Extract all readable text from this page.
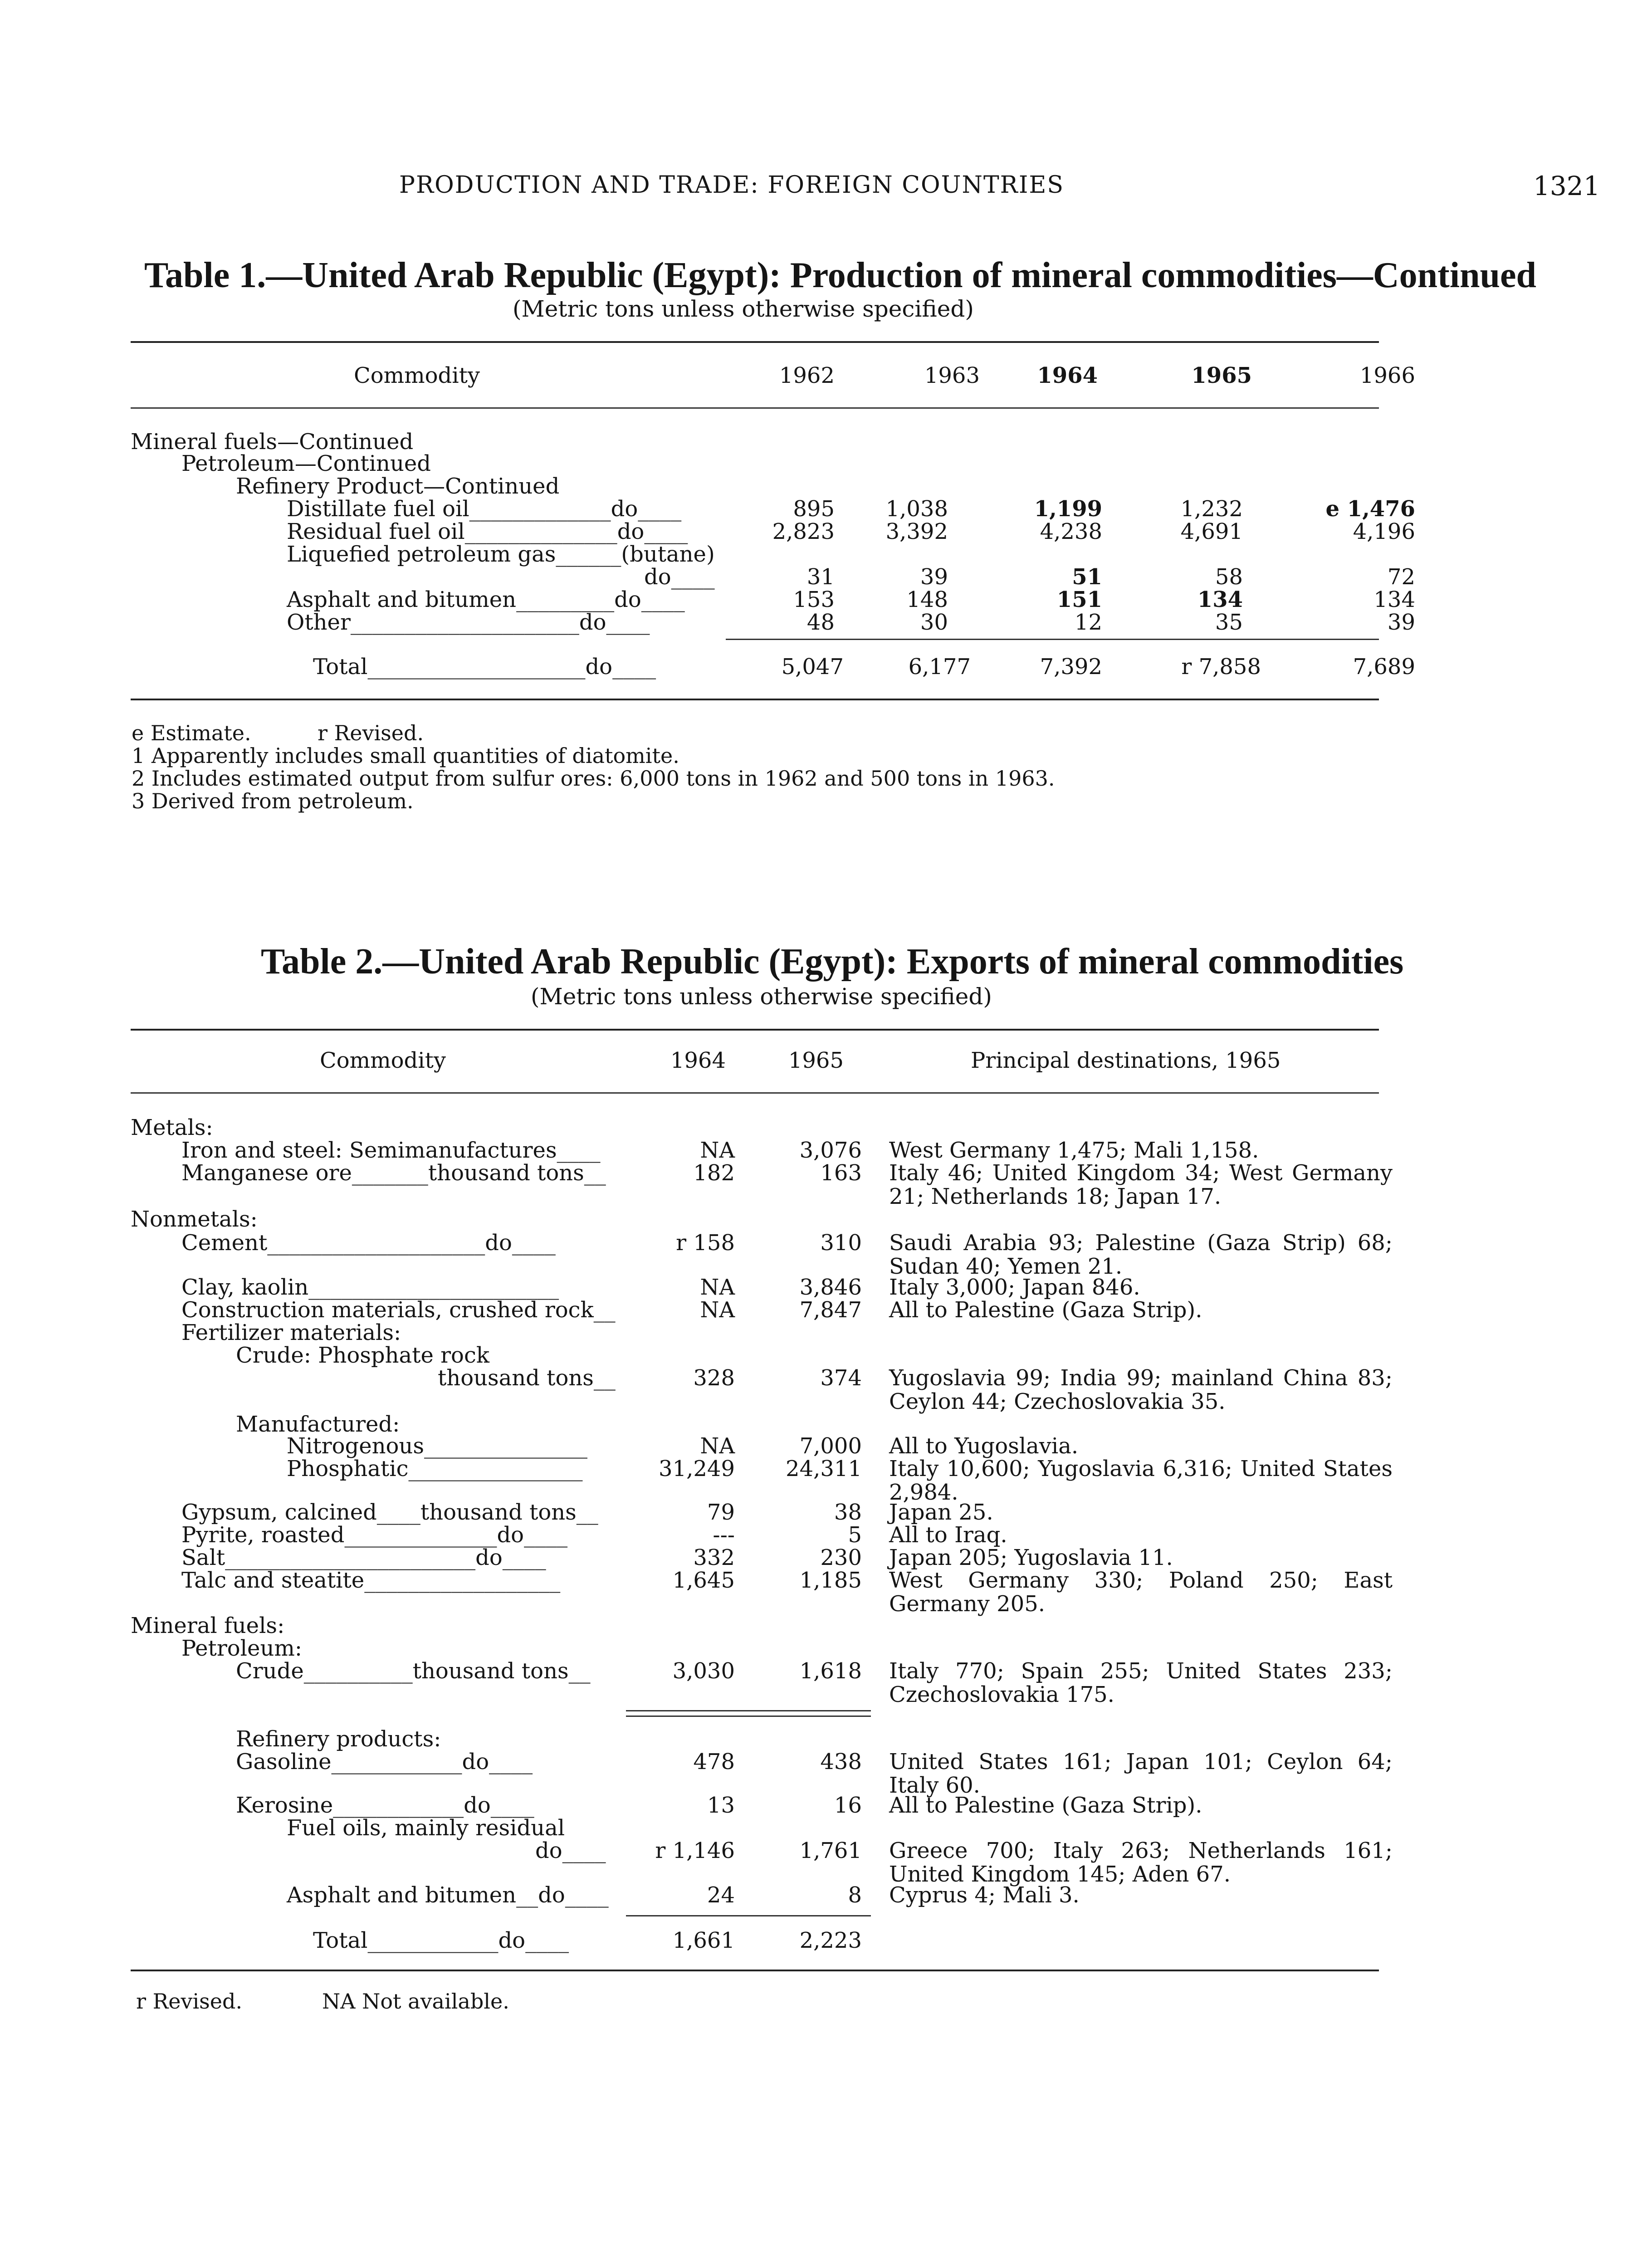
PRODUCTION AND TRADE: FOREIGN COUNTRIES	1321
Table 1.—United Arab Republic (Egypt): Production of mineral commodities—Continued
(Metric tons unless otherwise specified)
Commodity	1962	1963	1964	1965	1966
Mineral fuels—Continued
Petroleum—Continued
Refinery Product—Continued
Distillate fuel oil_____________do____	895	1,038	1,199	1,232	e 1,476
Residual fuel oil______________do____	2,823	3,392	4,238	4,691	4,196
Liquefied petroleum gas______(butane)
do____	31	39	51	58	72
Asphalt and bitumen_________do____	153	148	151	134	134
Other_____________________do____	48	30	12	35	39
Total____________________do____	5,047	6,177	7,392	r 7,858	7,689
e Estimate.	r Revised.
1 Apparently includes small quantities of diatomite.
2 Includes estimated output from sulfur ores: 6,000 tons in 1962 and 500 tons in 1963.
3 Derived from petroleum.
Table 2.—United Arab Republic (Egypt): Exports of mineral commodities
(Metric tons unless otherwise specified)
Commodity	1964	1965	Principal destinations, 1965
Metals:
Iron and steel: Semimanufactures____	NA	3,076 West Germany 1,475; Mali 1,158.
Manganese ore_______thousand tons__	182	163 Italy 46; United Kingdom 34; West Germany 21; Netherlands 18; Japan 17.
Nonmetals:
Cement____________________do____	r 158	310 Saudi Arabia 93; Palestine (Gaza Strip) 68; Sudan 40; Yemen 21.
Clay, kaolin_______________________	NA	3,846 Italy 3,000; Japan 846.
Construction materials, crushed rock__	NA	7,847 All to Palestine (Gaza Strip).
Fertilizer materials:
Crude: Phosphate rock
thousand tons__	328	374 Yugoslavia 99; India 99; mainland China 83; Ceylon 44; Czechoslovakia 35.
Manufactured:
Nitrogenous_______________	NA	7,000 All to Yugoslavia.
Phosphatic________________	31,249	24,311 Italy 10,600; Yugoslavia 6,316; United States 2,984.
Gypsum, calcined____thousand tons__	79	38 Japan 25.
Pyrite, roasted______________do____	---	5 All to Iraq.
Salt_______________________do____	332	230 Japan 205; Yugoslavia 11.
Talc and steatite__________________	1,645	1,185 West Germany 330; Poland 250; East Germany 205.
Mineral fuels:
Petroleum:
Crude__________thousand tons__	3,030	1,618 Italy 770; Spain 255; United States 233; Czechoslovakia 175.
Refinery products:
Gasoline____________do____	478	438 United States 161; Japan 101; Ceylon 64; Italy 60.
Kerosine____________do____	13	16 All to Palestine (Gaza Strip).
Fuel oils, mainly residual
do____	r 1,146	1,761 Greece 700; Italy 263; Netherlands 161; United Kingdom 145; Aden 67.
Asphalt and bitumen__do____	24	8 Cyprus 4; Mali 3.
Total____________do____	1,661	2,223
r Revised.	NA Not available.
